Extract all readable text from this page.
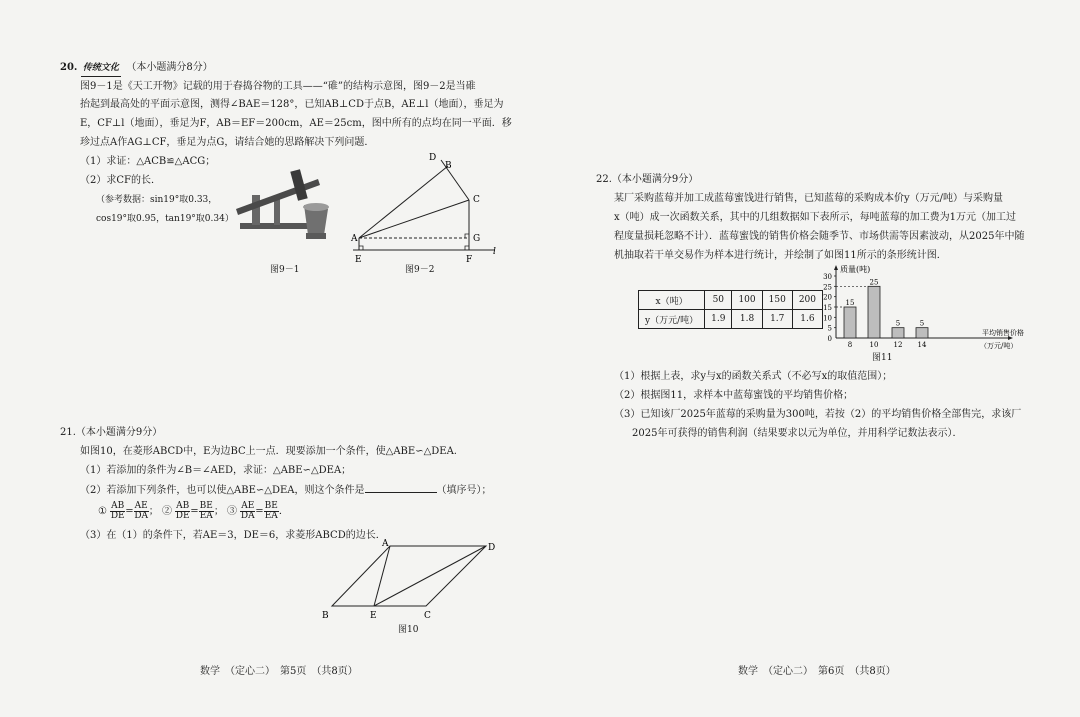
20. 传统文化 （本小题满分8分）
图9－1是《天工开物》记载的用于舂捣谷物的工具——“碓”的结构示意图，图9－2是当碓
抬起到最高处的平面示意图，测得∠BAE＝128°，已知AB⊥CD于点B，AE⊥l（地面），垂足为
E，CF⊥l（地面），垂足为F，AB＝EF＝200cm，AE＝25cm，图中所有的点均在同一平面．移
珍过点A作AG⊥CF，垂足为点G，请结合她的思路解决下列问题．
（1）求证：△ACB≌△ACG；
（2）求CF的长．
（参考数据：sin19°取0.33，
cos19°取0.95，tan19°取0.34）
图9－1
D
B
C
A	G
E	F
l
图9－2
21.（本小题满分9分）
如图10，在菱形ABCD中，E为边BC上一点．现要添加一个条件，使△ABE∽△DEA.
（1）若添加的条件为∠B＝∠AED，求证：△ABE∽△DEA；
（2）若添加下列条件，也可以使△ABE∽△DEA，则这个条件是	（填序号）；
① $\frac{AB}{DE} = \frac{AE}{DA}$ ； ② $\frac{AB}{DE} = \frac{BE}{EA}$ ； ③ $\frac{AE}{DA} = \frac{BE}{EA}$ ．
（3）在（1）的条件下，若AE＝3，DE＝6，求菱形ABCD的边长．
A	D
B	E	C
图10
数学　（定心二）　第5页　（共8页）
22.（本小题满分9分）
某厂采购蓝莓并加工成蓝莓蜜饯进行销售，已知蓝莓的采购成本价y（万元/吨）与采购量
x（吨）成一次函数关系，其中的几组数据如下表所示，每吨蓝莓的加工费为1万元（加工过
程度量损耗忽略不计）．蓝莓蜜饯的销售价格会随季节、市场供需等因素波动，从2025年中随
机抽取若干单交易作为样本进行统计，并绘制了如图11所示的条形统计图．
x（吨）	50	100	150	200
y（万元/吨）	1.9	1.8	1.7	1.6
质量(吨)
5
10
15
20
25
30
0
15
8
25
10
5
12
5
14
平均销售价格
（万元/吨）
图11
（1）根据上表，求y与x的函数关系式（不必写x的取值范围）；
（2）根据图11，求样本中蓝莓蜜饯的平均销售价格；
（3）已知该厂2025年蓝莓的采购量为300吨，若按（2）的平均销售价格全部售完，求该厂
2025年可获得的销售利润（结果要求以元为单位，并用科学记数法表示）．
数学　（定心二）　第6页　（共8页）
